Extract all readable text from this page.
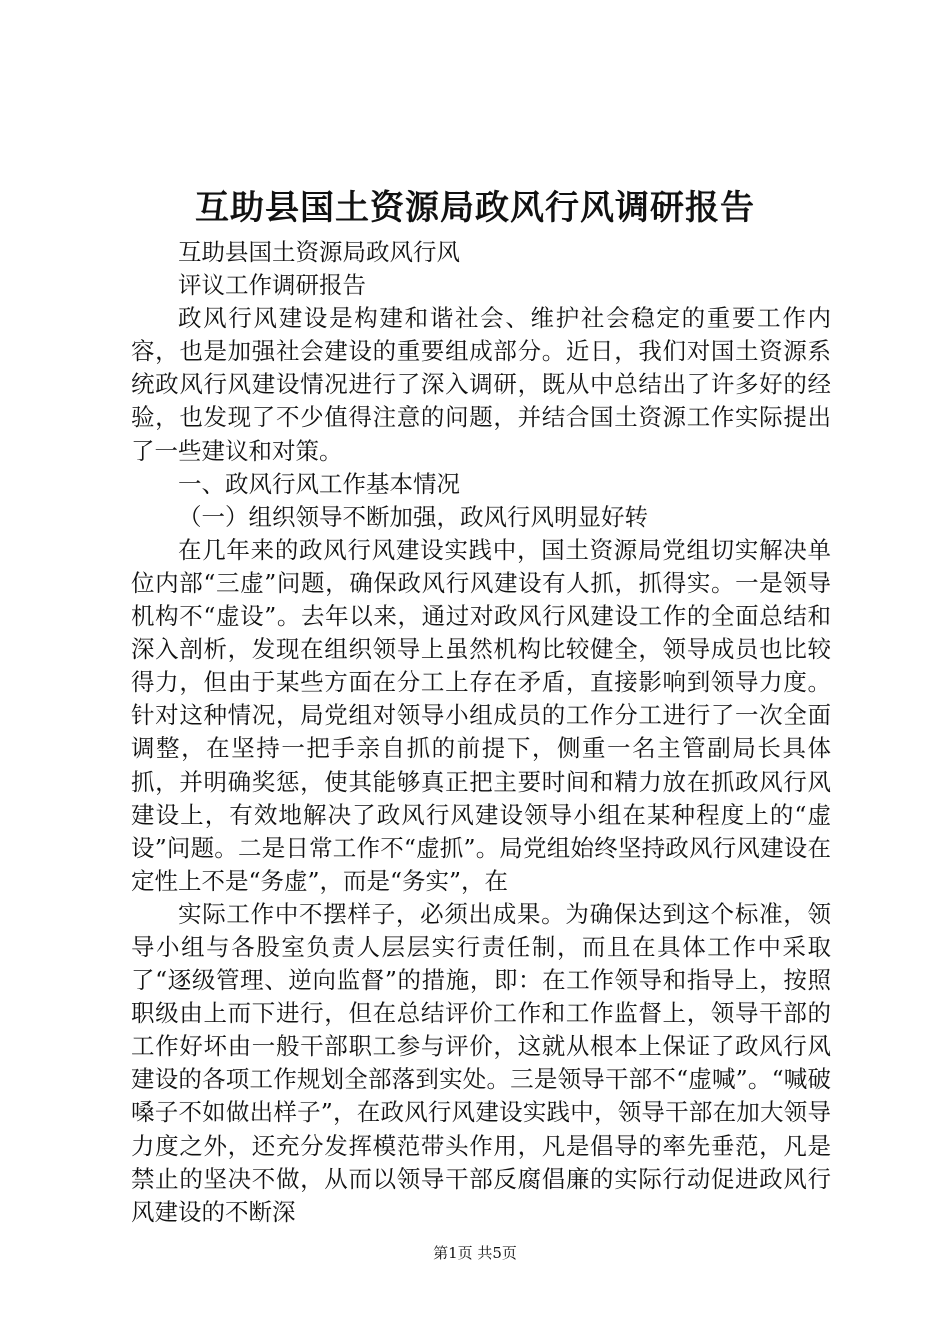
互助县国土资源局政风行风调研报告

互助县国土资源局政风行风

评议工作调研报告

政风行风建设是构建和谐社会、维护社会稳定的重要工作内容，也是加强社会建设的重要组成部分。近日，我们对国土资源系统政风行风建设情况进行了深入调研，既从中总结出了许多好的经验，也发现了不少值得注意的问题，并结合国土资源工作实际提出了一些建议和对策。

一、政风行风工作基本情况

（一）组织领导不断加强，政风行风明显好转

在几年来的政风行风建设实践中，国土资源局党组切实解决单位内部“三虚”问题，确保政风行风建设有人抓，抓得实。一是领导机构不“虚设”。去年以来，通过对政风行风建设工作的全面总结和深入剖析，发现在组织领导上虽然机构比较健全，领导成员也比较得力，但由于某些方面在分工上存在矛盾，直接影响到领导力度。针对这种情况，局党组对领导小组成员的工作分工进行了一次全面调整，在坚持一把手亲自抓的前提下，侧重一名主管副局长具体抓，并明确奖惩，使其能够真正把主要时间和精力放在抓政风行风建设上，有效地解决了政风行风建设领导小组在某种程度上的“虚设”问题。二是日常工作不“虚抓”。局党组始终坚持政风行风建设在定性上不是“务虚”，而是“务实”，在

实际工作中不摆样子，必须出成果。为确保达到这个标准，领导小组与各股室负责人层层实行责任制，而且在具体工作中采取了“逐级管理、逆向监督”的措施，即：在工作领导和指导上，按照职级由上而下进行，但在总结评价工作和工作监督上，领导干部的工作好坏由一般干部职工参与评价，这就从根本上保证了政风行风建设的各项工作规划全部落到实处。三是领导干部不“虚喊”。“喊破嗓子不如做出样子”，在政风行风建设实践中，领导干部在加大领导力度之外，还充分发挥模范带头作用，凡是倡导的率先垂范，凡是禁止的坚决不做，从而以领导干部反腐倡廉的实际行动促进政风行风建设的不断深

第1页 共5页
